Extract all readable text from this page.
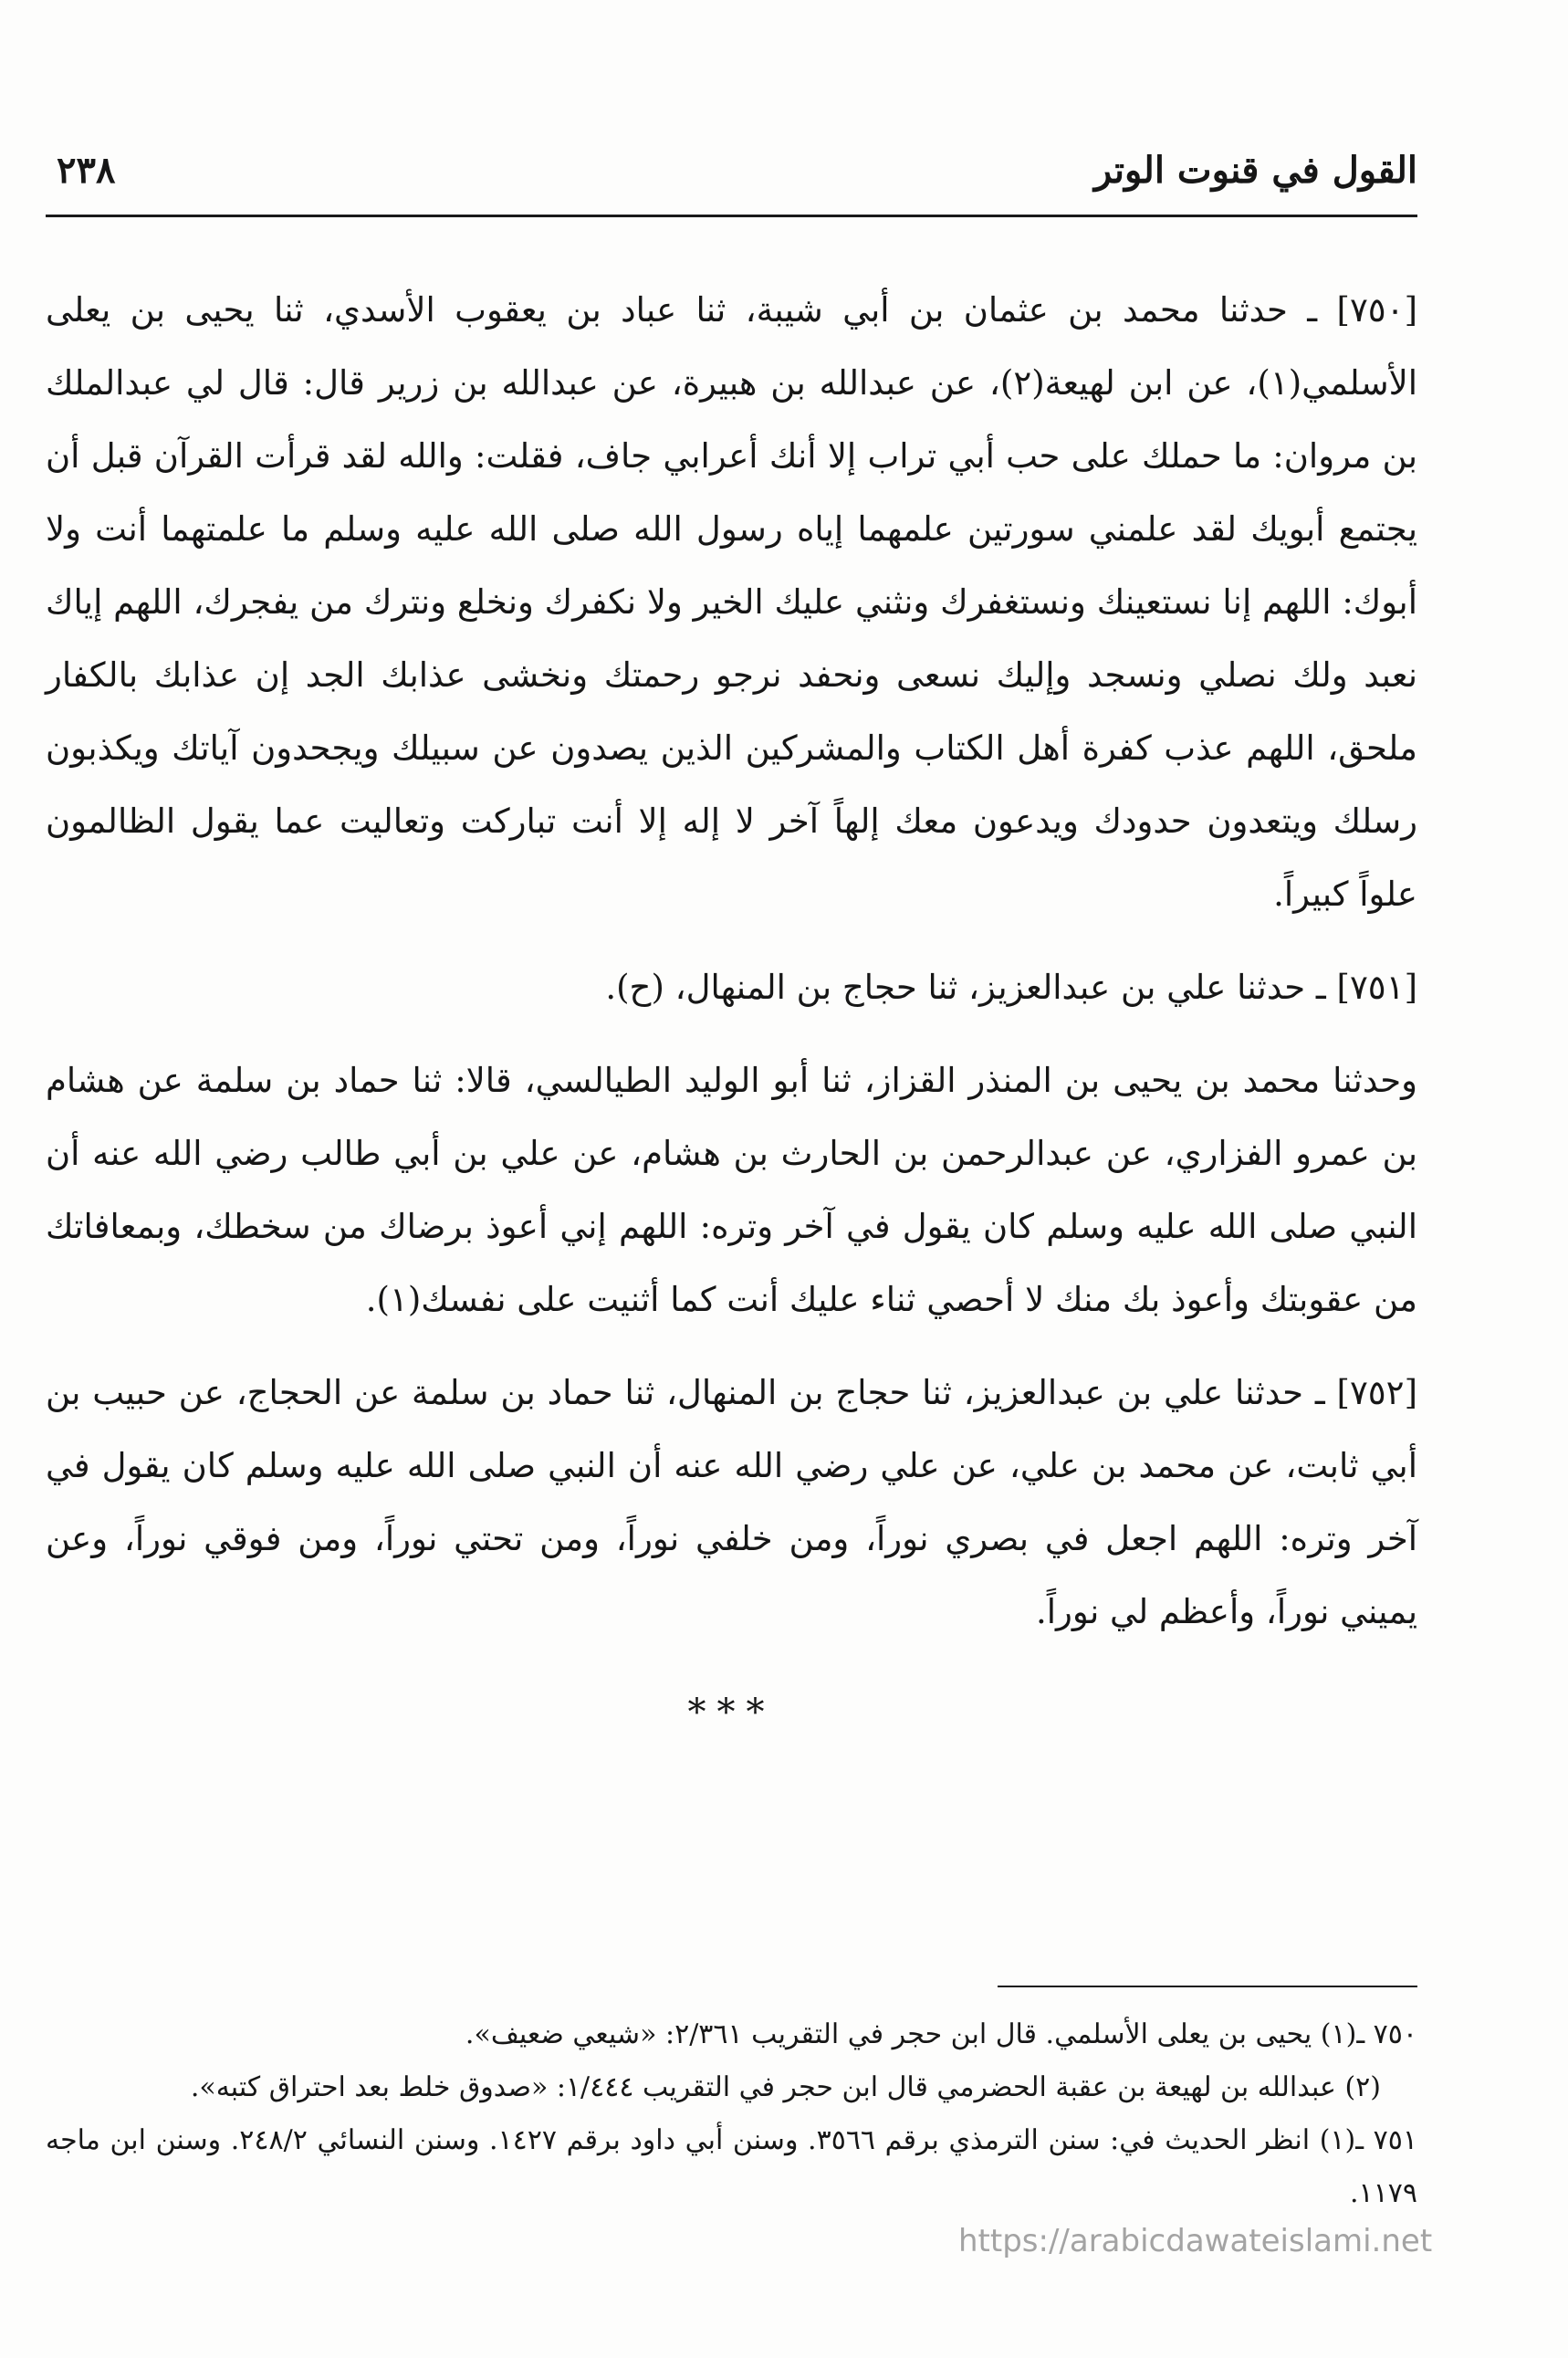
القول في قنوت الوتر
٢٣٨

[٧٥٠] ـ حدثنا محمد بن عثمان بن أبي شيبة، ثنا عباد بن يعقوب الأسدي، ثنا يحيى بن يعلى الأسلمي(١)، عن ابن لهيعة(٢)، عن عبدالله بن هبيرة، عن عبدالله بن زرير قال: قال لي عبدالملك بن مروان: ما حملك على حب أبي تراب إلا أنك أعرابي جاف، فقلت: والله لقد قرأت القرآن قبل أن يجتمع أبويك لقد علمني سورتين علمهما إياه رسول الله صلى الله عليه وسلم ما علمتهما أنت ولا أبوك: اللهم إنا نستعينك ونستغفرك ونثني عليك الخير ولا نكفرك ونخلع ونترك من يفجرك، اللهم إياك نعبد ولك نصلي ونسجد وإليك نسعى ونحفد نرجو رحمتك ونخشى عذابك الجد إن عذابك بالكفار ملحق، اللهم عذب كفرة أهل الكتاب والمشركين الذين يصدون عن سبيلك ويجحدون آياتك ويكذبون رسلك ويتعدون حدودك ويدعون معك إلهاً آخر لا إله إلا أنت تباركت وتعاليت عما يقول الظالمون علواً كبيراً.

[٧٥١] ـ حدثنا علي بن عبدالعزيز، ثنا حجاج بن المنهال، (ح).

وحدثنا محمد بن يحيى بن المنذر القزاز، ثنا أبو الوليد الطيالسي، قالا: ثنا حماد بن سلمة عن هشام بن عمرو الفزاري، عن عبدالرحمن بن الحارث بن هشام، عن علي بن أبي طالب رضي الله عنه أن النبي صلى الله عليه وسلم كان يقول في آخر وتره: اللهم إني أعوذ برضاك من سخطك، وبمعافاتك من عقوبتك وأعوذ بك منك لا أحصي ثناء عليك أنت كما أثنيت على نفسك(١).

[٧٥٢] ـ حدثنا علي بن عبدالعزيز، ثنا حجاج بن المنهال، ثنا حماد بن سلمة عن الحجاج، عن حبيب بن أبي ثابت، عن محمد بن علي، عن علي رضي الله عنه أن النبي صلى الله عليه وسلم كان يقول في آخر وتره: اللهم اجعل في بصري نوراً، ومن خلفي نوراً، ومن تحتي نوراً، ومن فوقي نوراً، وعن يميني نوراً، وأعظم لي نوراً.

***

٧٥٠ ـ(١) يحيى بن يعلى الأسلمي. قال ابن حجر في التقريب ٢/٣٦١: «شيعي ضعيف».

(٢) عبدالله بن لهيعة بن عقبة الحضرمي قال ابن حجر في التقريب ١/٤٤٤: «صدوق خلط بعد احتراق كتبه».

٧٥١ ـ(١) انظر الحديث في: سنن الترمذي برقم ٣٥٦٦. وسنن أبي داود برقم ١٤٢٧. وسنن النسائي ٢٤٨/٢. وسنن ابن ماجه ١١٧٩.

https://arabicdawateislami.net
